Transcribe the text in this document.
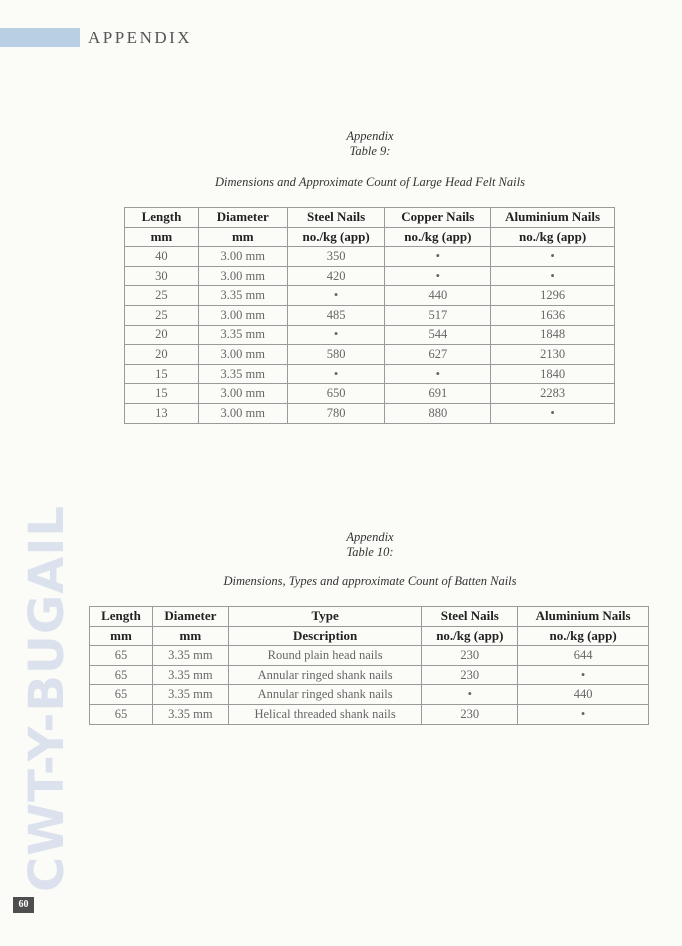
APPENDIX
CWT-Y-BUGAIL
60
Appendix
Table 9:
Dimensions and Approximate Count of Large Head Felt Nails
Length	Diameter	Steel Nails	Copper Nails	Aluminium Nails
mm	mm	no./kg (app)	no./kg (app)	no./kg (app)
40	3.00 mm	350	•	•
30	3.00 mm	420	•	•
25	3.35 mm	•	440	1296
25	3.00 mm	485	517	1636
20	3.35 mm	•	544	1848
20	3.00 mm	580	627	2130
15	3.35 mm	•	•	1840
15	3.00 mm	650	691	2283
13	3.00 mm	780	880	•
Appendix
Table 10:
Dimensions, Types and approximate Count of Batten Nails
Length	Diameter	Type	Steel Nails	Aluminium Nails
mm	mm	Description	no./kg (app)	no./kg (app)
65	3.35 mm	Round plain head nails	230	644
65	3.35 mm	Annular ringed shank nails	230	•
65	3.35 mm	Annular ringed shank nails	•	440
65	3.35 mm	Helical threaded shank nails	230	•
